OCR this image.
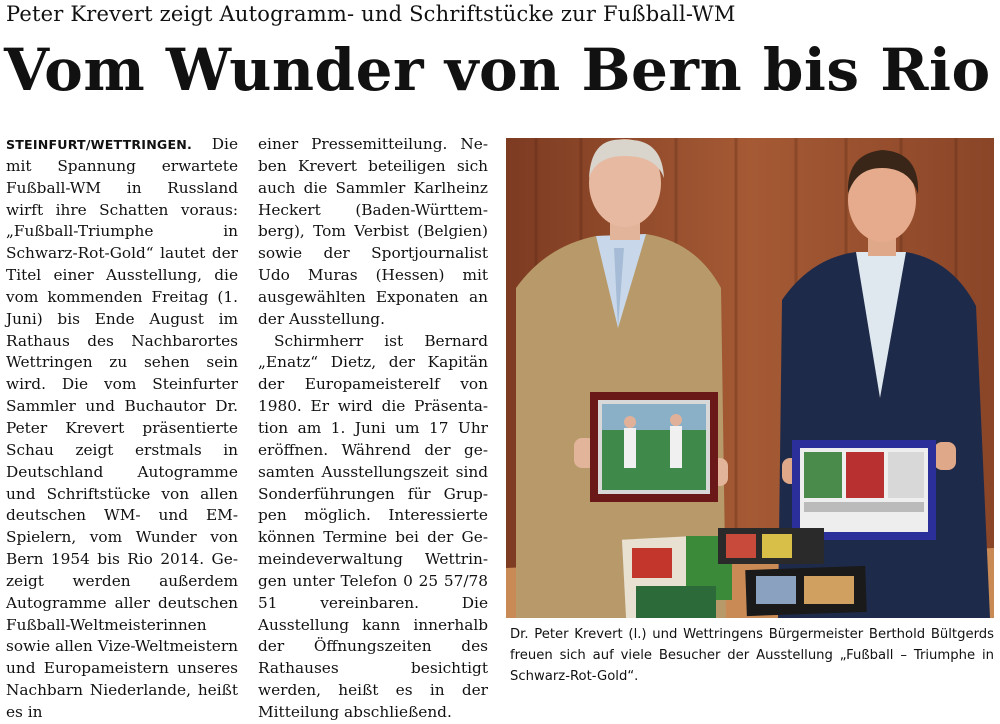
Peter Krevert zeigt Autogramm- und Schriftstücke zur Fußball-WM
Vom Wunder von Bern bis Rio

STEINFURT/WETTRINGEN. Die mit Spannung erwartete Fußball-WM in Russland wirft ihre Schatten voraus: „Fußball-Triumphe in Schwarz-Rot-Gold“ lautet der Titel einer Ausstellung, die vom kommenden Freitag (1. Juni) bis Ende August im Rathaus des Nachbarortes Wettringen zu sehen sein wird. Die vom Steinfurter Sammler und Buchautor Dr. Peter Krevert präsentierte Schau zeigt erstmals in Deutschland Autogramme und Schriftstücke von allen deutschen WM- und EM-Spielern, vom Wunder von Bern 1954 bis Rio 2014. Gezeigt werden außerdem Autogramme aller deutschen Fußball-Weltmeisterinnen sowie allen Vize-Weltmeistern und Europameistern unseres Nachbarn Niederlande, heißt es in

einer Pressemitteilung. Neben Krevert beteiligen sich auch die Sammler Karlheinz Heckert (Baden-Württemberg), Tom Verbist (Belgien) sowie der Sportjournalist Udo Muras (Hessen) mit ausgewählten Exponaten an der Ausstellung.

Schirmherr ist Bernard „Enatz“ Dietz, der Kapitän der Europameisterelf von 1980. Er wird die Präsentation am 1. Juni um 17 Uhr eröffnen. Während der gesamten Ausstellungszeit sind Sonderführungen für Gruppen möglich. Interessierte können Termine bei der Gemeindeverwaltung Wettringen unter Telefon 0 25 57/78 51 vereinbaren. Die Ausstellung kann innerhalb der Öffnungszeiten des Rathauses besichtigt werden, heißt es in der Mitteilung abschließend.

Dr. Peter Krevert (l.) und Wettringens Bürgermeister Berthold Bültgerds freuen sich auf viele Besucher der Ausstellung „Fußball – Triumphe in Schwarz-Rot-Gold“.
